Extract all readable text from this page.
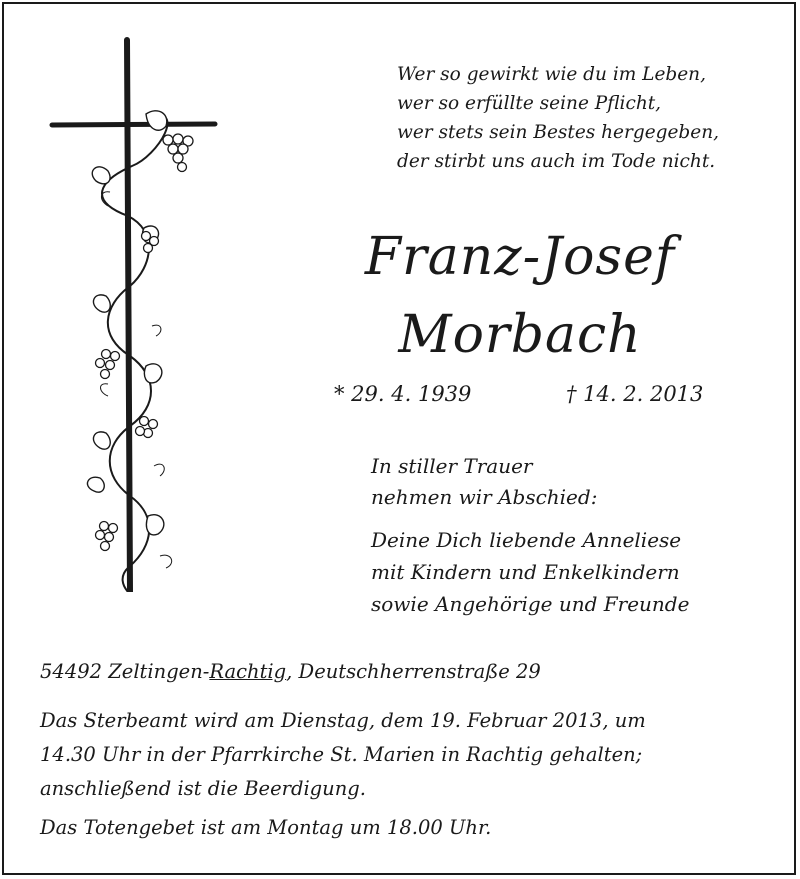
Wer so gewirkt wie du im Leben,
wer so erfüllte seine Pflicht,
wer stets sein Bestes hergegeben,
der stirbt uns auch im Tode nicht.
Franz-Josef
Morbach
* 29. 4. 1939	† 14. 2. 2013
In stiller Trauer
nehmen wir Abschied:
Deine Dich liebende Anneliese
mit Kindern und Enkelkindern
sowie Angehörige und Freunde
54492 Zeltingen-Rachtig, Deutschherrenstraße 29
Das Sterbeamt wird am Dienstag, dem 19. Februar 2013, um
14.30 Uhr in der Pfarrkirche St. Marien in Rachtig gehalten;
anschließend ist die Beerdigung.
Das Totengebet ist am Montag um 18.00 Uhr.
